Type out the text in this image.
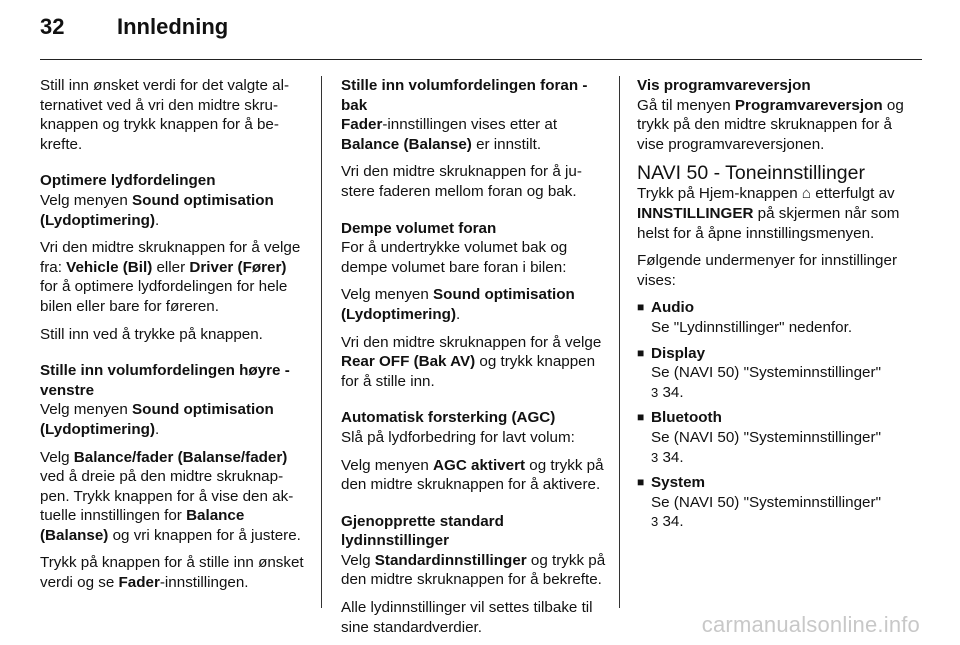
32	Innledning
Still inn ønsket verdi for det valgte alternativet ved å vri den midtre skruknappen og trykk knappen for å bekrefte.
Optimere lydfordelingen
Velg menyen Sound optimisation (Lydoptimering).
Vri den midtre skruknappen for å velge fra: Vehicle (Bil) eller Driver (Fører) for å optimere lydfordelingen for hele bilen eller bare for føreren.
Still inn ved å trykke på knappen.
Stille inn volumfordelingen høyre - venstre
Velg menyen Sound optimisation (Lydoptimering).
Velg Balance/fader (Balanse/fader) ved å dreie på den midtre skruknappen. Trykk knappen for å vise den aktuelle innstillingen for Balance (Balanse) og vri knappen for å justere.
Trykk på knappen for å stille inn ønsket verdi og se Fader-innstillingen.
Stille inn volumfordelingen foran - bak
Fader-innstillingen vises etter at Balance (Balanse) er innstilt.
Vri den midtre skruknappen for å justere faderen mellom foran og bak.
Dempe volumet foran
For å undertrykke volumet bak og dempe volumet bare foran i bilen:
Velg menyen Sound optimisation (Lydoptimering).
Vri den midtre skruknappen for å velge Rear OFF (Bak AV) og trykk knappen for å stille inn.
Automatisk forsterking (AGC)
Slå på lydforbedring for lavt volum:
Velg menyen AGC aktivert og trykk på den midtre skruknappen for å aktivere.
Gjenopprette standard lydinnstillinger
Velg Standardinnstillinger og trykk på den midtre skruknappen for å bekrefte.
Alle lydinnstillinger vil settes tilbake til sine standardverdier.
Vis programvareversjon
Gå til menyen Programvareversjon og trykk på den midtre skruknappen for å vise programvareversjonen.
NAVI 50 - Toneinnstillinger
Trykk på Hjem-knappen ⌂ etterfulgt av INNSTILLINGER på skjermen når som helst for å åpne innstillingsmenyen.
Følgende undermenyer for innstillinger vises:
■ Audio
Se "Lydinnstillinger" nedenfor.
■ Display
Se (NAVI 50) "Systeminnstillinger"
3 34.
■ Bluetooth
Se (NAVI 50) "Systeminnstillinger"
3 34.
■ System
Se (NAVI 50) "Systeminnstillinger"
3 34.
carmanualsonline.info
